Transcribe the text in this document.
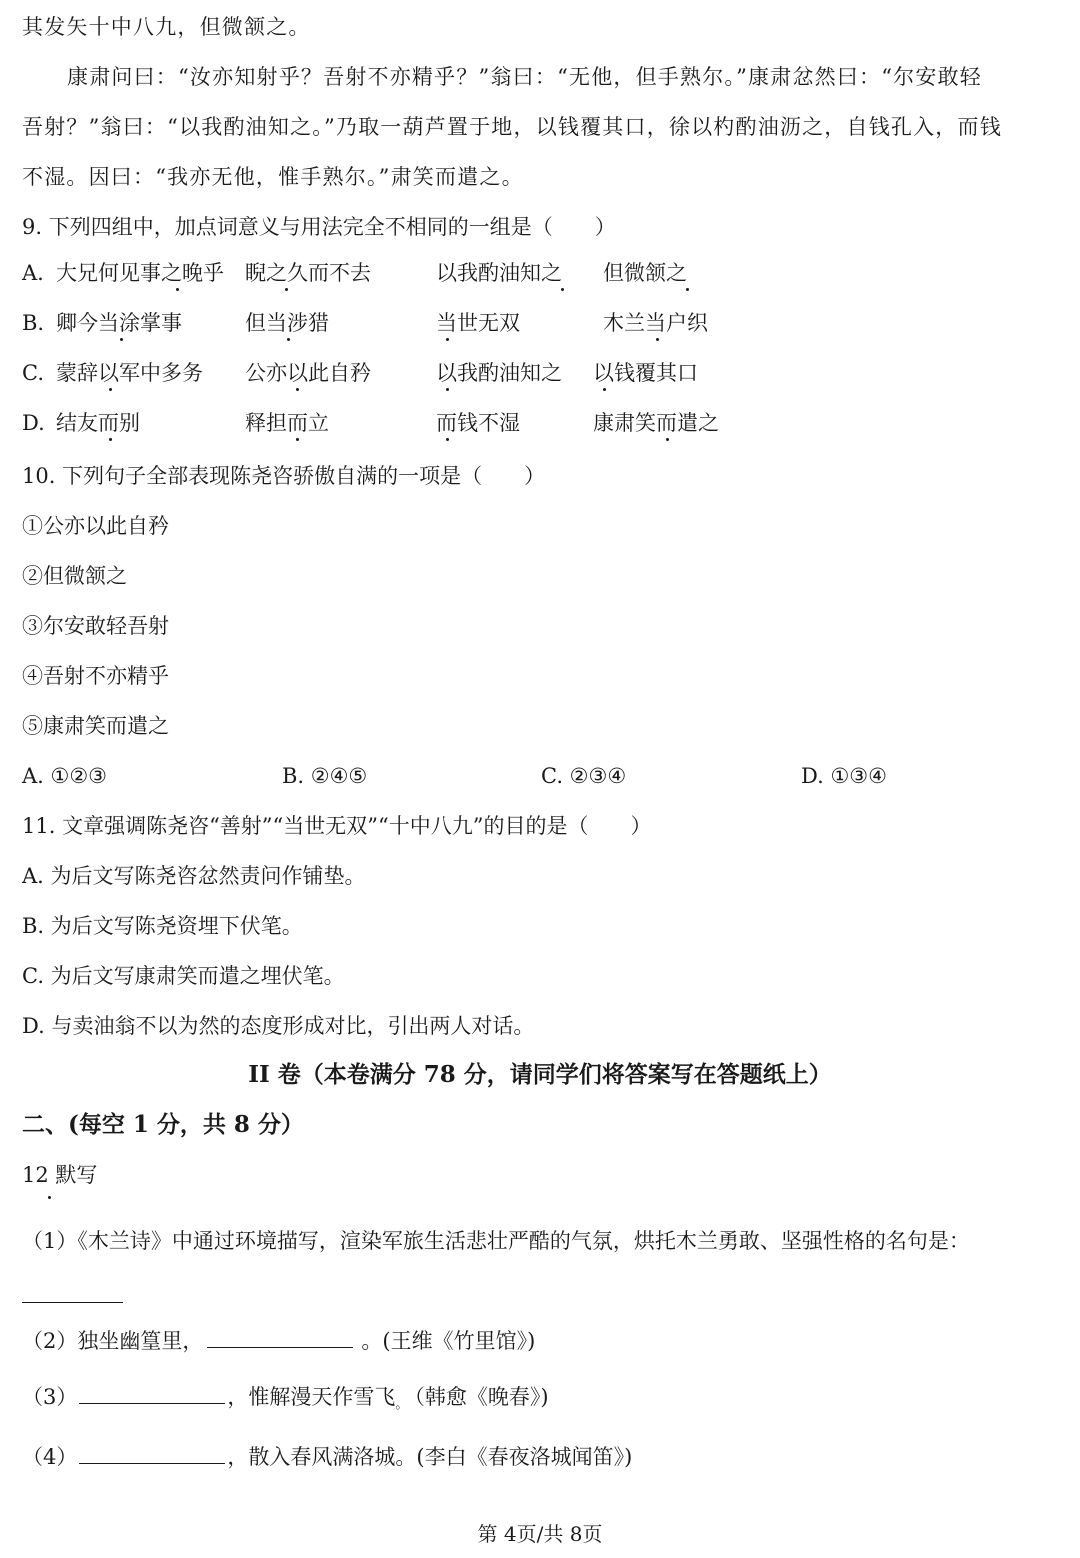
其发矢十中八九，但微颔之。
康肃问曰：“汝亦知射乎？吾射不亦精乎？”翁曰：“无他，但手熟尔。”康肃忿然曰：“尔安敢轻
吾射？”翁曰：“以我酌油知之。”乃取一葫芦置于地，以钱覆其口，徐以杓酌油沥之，自钱孔入，而钱
不湿。因曰：“我亦无他，惟手熟尔。”肃笑而遣之。
9. 下列四组中，加点词意义与用法完全不相同的一组是（　　）
A. 大兄何见事之晚乎 睨之久而不去	以我酌油知之 但微颔之
B. 卿今当涂掌事	但当涉猎	当世无双	木兰当户织
C. 蒙辞以军中多务 公亦以此自矜	以我酌油知之 以钱覆其口
D. 结友而别	释担而立	而钱不湿	康肃笑而遣之
10. 下列句子全部表现陈尧咨骄傲自满的一项是（　　）
①公亦以此自矜
②但微颔之
③尔安敢轻吾射
④吾射不亦精乎
⑤康肃笑而遣之
A. ①②③	B. ②④⑤	C. ②③④	D. ①③④
11. 文章强调陈尧咨“善射”“当世无双”“十中八九”的目的是（　　）
A. 为后文写陈尧咨忿然责问作铺垫。
B. 为后文写陈尧资埋下伏笔。
C. 为后文写康肃笑而遣之埋伏笔。
D. 与卖油翁不以为然的态度形成对比，引出两人对话。
II 卷（本卷满分 78 分，请同学们将答案写在答题纸上）
二、(每空 1 分，共 8 分）
12 默写
（1）《木兰诗》中通过环境描写，渲染军旅生活悲壮严酷的气氛，烘托木兰勇敢、坚强性格的名句是：
（2）独坐幽篁里，	。(王维《竹里馆》)
（3）	，惟解漫天作雪飞。 （韩愈《晚春》)
（4）	，散入春风满洛城。(李白《春夜洛城闻笛》)
第 4页/共 8页
